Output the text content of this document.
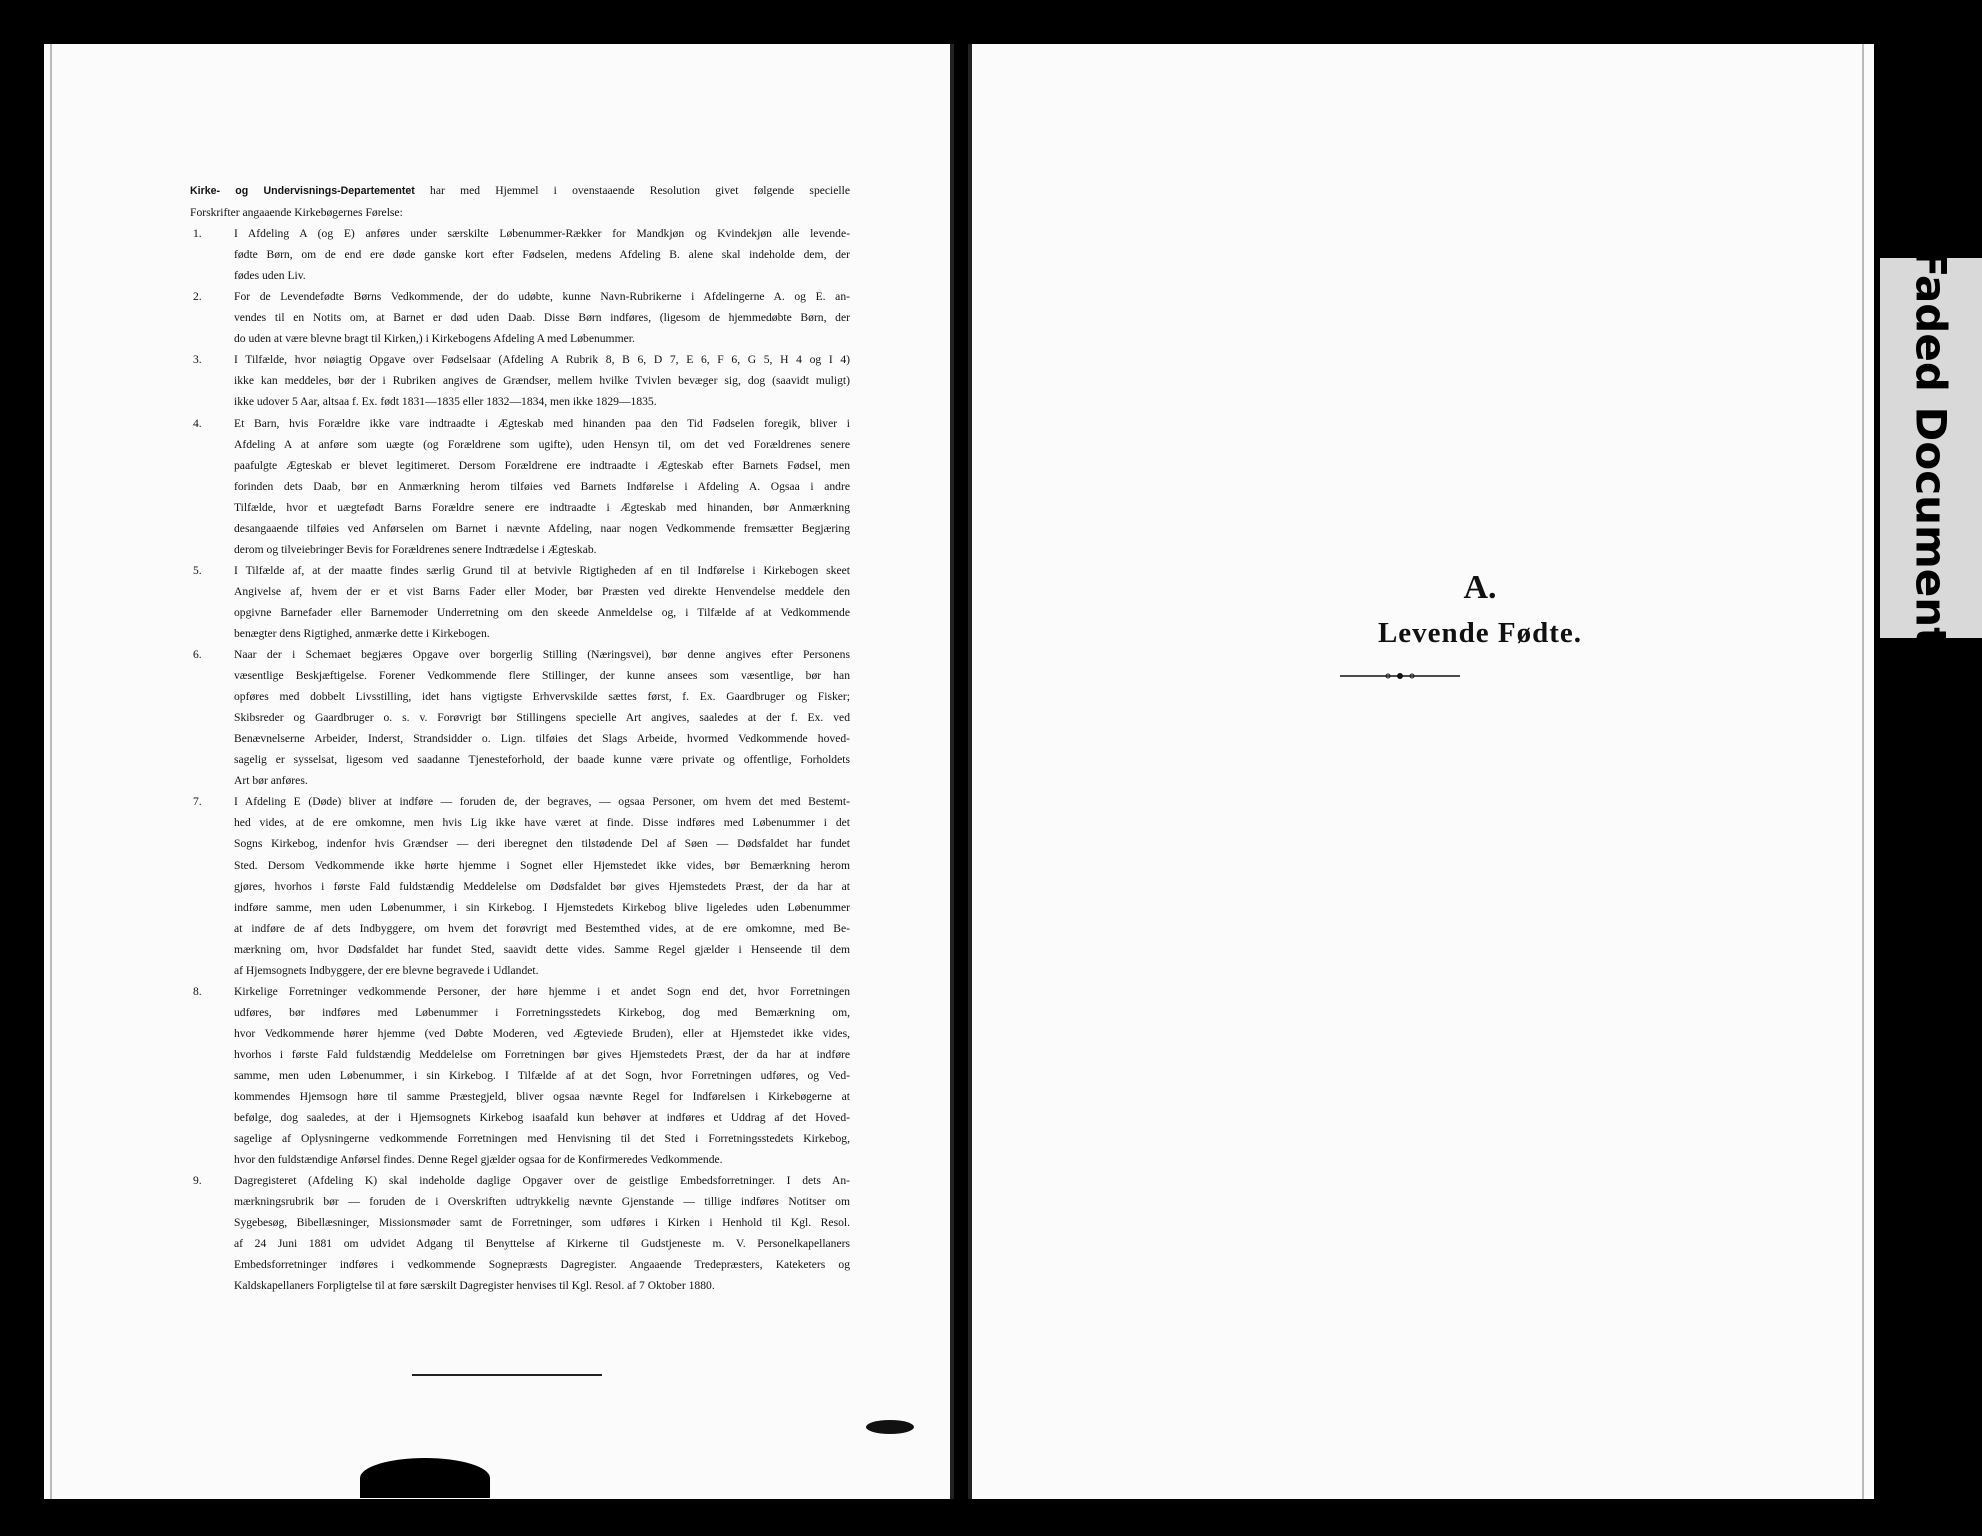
Kirke- og Undervisnings-Departementet har med Hjemmel i ovenstaaende Resolution givet følgende specielle

Forskrifter angaaende Kirkebøgernes Førelse:

1.	I Afdeling A (og E) anføres under særskilte Løbenummer-Rækker for Mandkjøn og Kvindekjøn alle levende-
fødte Børn, om de end ere døde ganske kort efter Fødselen, medens Afdeling B. alene skal indeholde dem, der
fødes uden Liv.
2.	For de Levendefødte Børns Vedkommende, der do udøbte, kunne Navn-Rubrikerne i Afdelingerne A. og E. an-
vendes til en Notits om, at Barnet er død uden Daab. Disse Børn indføres, (ligesom de hjemmedøbte Børn, der
do uden at være blevne bragt til Kirken,) i Kirkebogens Afdeling A med Løbenummer.
3.	I Tilfælde, hvor nøiagtig Opgave over Fødselsaar (Afdeling A Rubrik 8, B 6, D 7, E 6, F 6, G 5, H 4 og I 4)
ikke kan meddeles, bør der i Rubriken angives de Grændser, mellem hvilke Tvivlen bevæger sig, dog (saavidt muligt)
ikke udover 5 Aar, altsaa f. Ex. født 1831—1835 eller 1832—1834, men ikke 1829—1835.
4.	Et Barn, hvis Forældre ikke vare indtraadte i Ægteskab med hinanden paa den Tid Fødselen foregik, bliver i
Afdeling A at anføre som uægte (og Forældrene som ugifte), uden Hensyn til, om det ved Forældrenes senere
paafulgte Ægteskab er blevet legitimeret. Dersom Forældrene ere indtraadte i Ægteskab efter Barnets Fødsel, men
forinden dets Daab, bør en Anmærkning herom tilføies ved Barnets Indførelse i Afdeling A. Ogsaa i andre
Tilfælde, hvor et uægtefødt Barns Forældre senere ere indtraadte i Ægteskab med hinanden, bør Anmærkning
desangaaende tilføies ved Anførselen om Barnet i nævnte Afdeling, naar nogen Vedkommende fremsætter Begjæring
derom og tilveiebringer Bevis for Forældrenes senere Indtrædelse i Ægteskab.
5.	I Tilfælde af, at der maatte findes særlig Grund til at betvivle Rigtigheden af en til Indførelse i Kirkebogen skeet
Angivelse af, hvem der er et vist Barns Fader eller Moder, bør Præsten ved direkte Henvendelse meddele den
opgivne Barnefader eller Barnemoder Underretning om den skeede Anmeldelse og, i Tilfælde af at Vedkommende
benægter dens Rigtighed, anmærke dette i Kirkebogen.
6.	Naar der i Schemaet begjæres Opgave over borgerlig Stilling (Næringsvei), bør denne angives efter Personens
væsentlige Beskjæftigelse. Forener Vedkommende flere Stillinger, der kunne ansees som væsentlige, bør han
opføres med dobbelt Livsstilling, idet hans vigtigste Erhvervskilde sættes først, f. Ex. Gaardbruger og Fisker;
Skibsreder og Gaardbruger o. s. v. Forøvrigt bør Stillingens specielle Art angives, saaledes at der f. Ex. ved
Benævnelserne Arbeider, Inderst, Strandsidder o. Lign. tilføies det Slags Arbeide, hvormed Vedkommende hoved-
sagelig er sysselsat, ligesom ved saadanne Tjenesteforhold, der baade kunne være private og offentlige, Forholdets
Art bør anføres.
7.	I Afdeling E (Døde) bliver at indføre — foruden de, der begraves, — ogsaa Personer, om hvem det med Bestemt-
hed vides, at de ere omkomne, men hvis Lig ikke have været at finde. Disse indføres med Løbenummer i det
Sogns Kirkebog, indenfor hvis Grændser — deri iberegnet den tilstødende Del af Søen — Dødsfaldet har fundet
Sted. Dersom Vedkommende ikke hørte hjemme i Sognet eller Hjemstedet ikke vides, bør Bemærkning herom
gjøres, hvorhos i første Fald fuldstændig Meddelelse om Dødsfaldet bør gives Hjemstedets Præst, der da har at
indføre samme, men uden Løbenummer, i sin Kirkebog. I Hjemstedets Kirkebog blive ligeledes uden Løbenummer
at indføre de af dets Indbyggere, om hvem det forøvrigt med Bestemthed vides, at de ere omkomne, med Be-
mærkning om, hvor Dødsfaldet har fundet Sted, saavidt dette vides. Samme Regel gjælder i Henseende til dem
af Hjemsognets Indbyggere, der ere blevne begravede i Udlandet.
8.	Kirkelige Forretninger vedkommende Personer, der høre hjemme i et andet Sogn end det, hvor Forretningen
udføres, bør indføres med Løbenummer i Forretningsstedets Kirkebog, dog med Bemærkning om,
hvor Vedkommende hører hjemme (ved Døbte Moderen, ved Ægteviede Bruden), eller at Hjemstedet ikke vides,
hvorhos i første Fald fuldstændig Meddelelse om Forretningen bør gives Hjemstedets Præst, der da har at indføre
samme, men uden Løbenummer, i sin Kirkebog. I Tilfælde af at det Sogn, hvor Forretningen udføres, og Ved-
kommendes Hjemsogn høre til samme Præstegjeld, bliver ogsaa nævnte Regel for Indførelsen i Kirkebøgerne at
befølge, dog saaledes, at der i Hjemsognets Kirkebog isaafald kun behøver at indføres et Uddrag af det Hoved-
sagelige af Oplysningerne vedkommende Forretningen med Henvisning til det Sted i Forretningsstedets Kirkebog,
hvor den fuldstændige Anførsel findes. Denne Regel gjælder ogsaa for de Konfirmeredes Vedkommende.
9.	Dagregisteret (Afdeling K) skal indeholde daglige Opgaver over de geistlige Embedsforretninger. I dets An-
mærkningsrubrik bør — foruden de i Overskriften udtrykkelig nævnte Gjenstande — tillige indføres Notitser om
Sygebesøg, Bibellæsninger, Missionsmøder samt de Forretninger, som udføres i Kirken i Henhold til Kgl. Resol.
af 24 Juni 1881 om udvidet Adgang til Benyttelse af Kirkerne til Gudstjeneste m. V. Personelkapellaners
Embedsforretninger indføres i vedkommende Sognepræsts Dagregister. Angaaende Tredepræsters, Kateketers og
Kaldskapellaners Forpligtelse til at føre særskilt Dagregister henvises til Kgl. Resol. af 7 Oktober 1880.
A.
Levende Fødte.	Faded Document
